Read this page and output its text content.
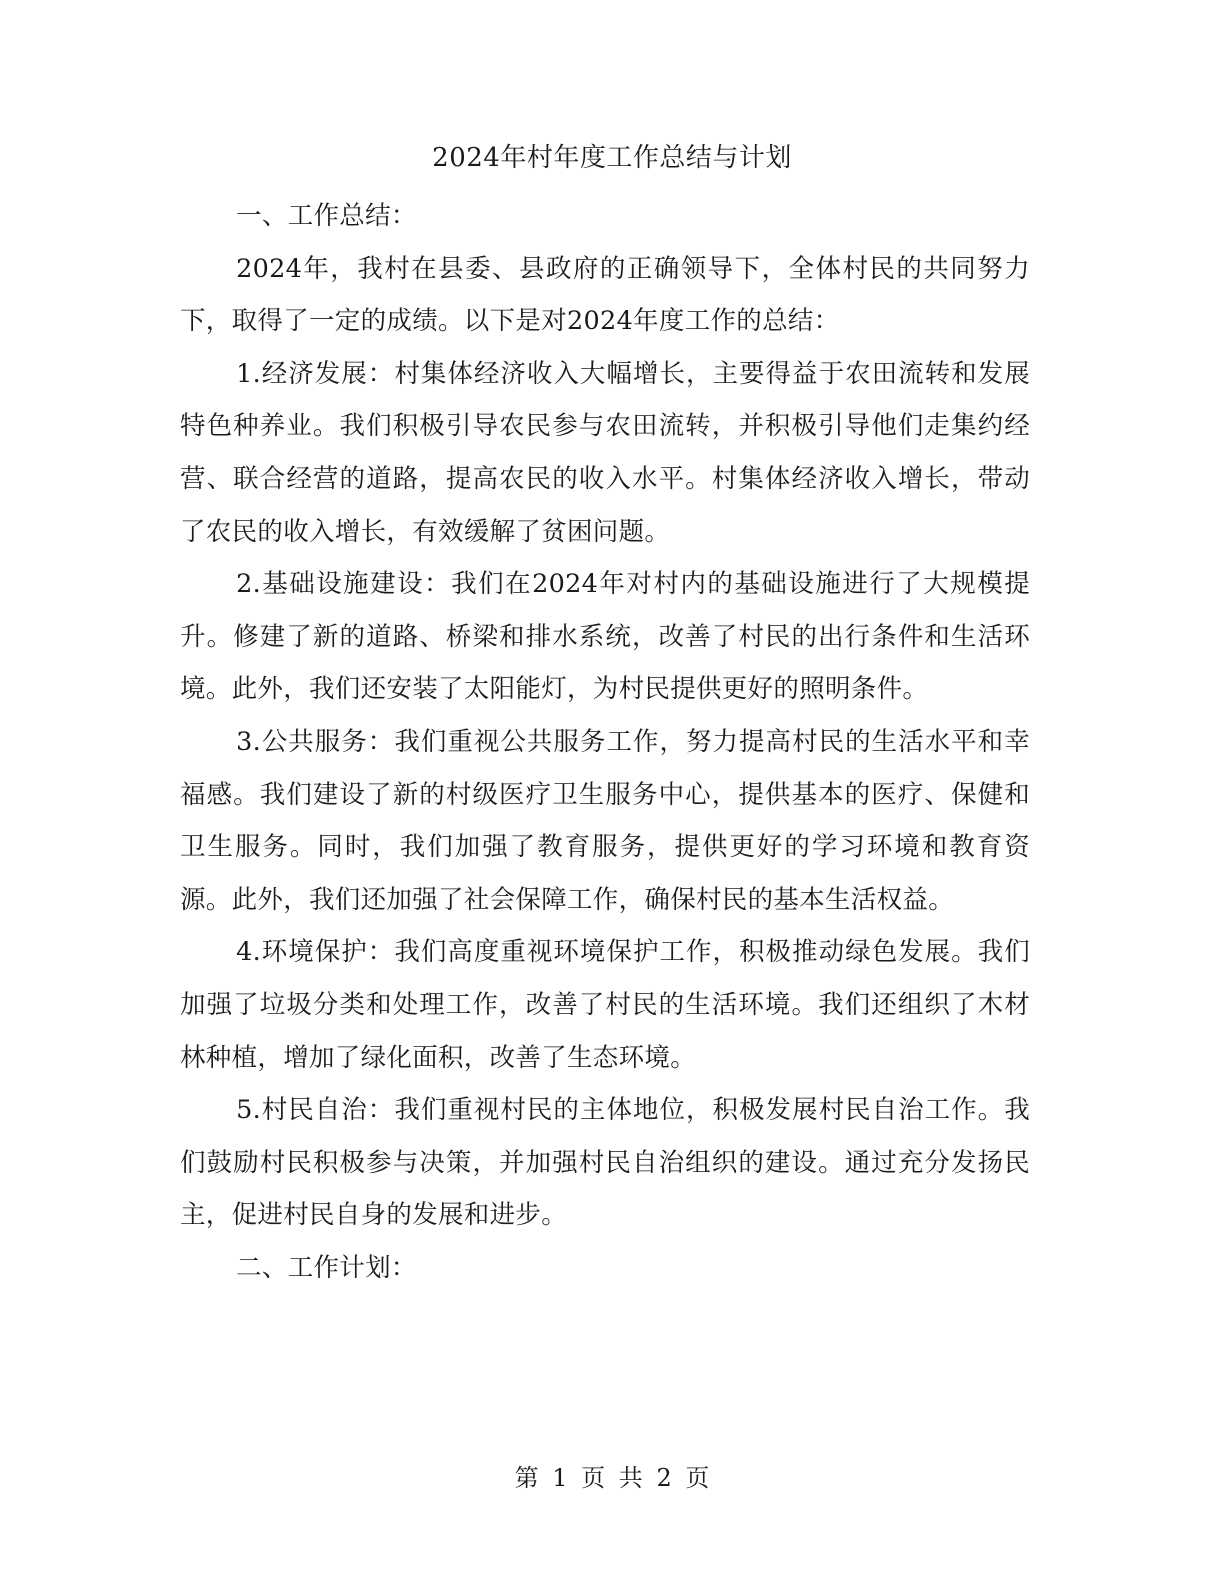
2024年村年度工作总结与计划

一、工作总结：

2024年，我村在县委、县政府的正确领导下，全体村民的共同努力下，取得了一定的成绩。以下是对2024年度工作的总结：

1.经济发展：村集体经济收入大幅增长，主要得益于农田流转和发展特色种养业。我们积极引导农民参与农田流转，并积极引导他们走集约经营、联合经营的道路，提高农民的收入水平。村集体经济收入增长，带动了农民的收入增长，有效缓解了贫困问题。

2.基础设施建设：我们在2024年对村内的基础设施进行了大规模提升。修建了新的道路、桥梁和排水系统，改善了村民的出行条件和生活环境。此外，我们还安装了太阳能灯，为村民提供更好的照明条件。

3.公共服务：我们重视公共服务工作，努力提高村民的生活水平和幸福感。我们建设了新的村级医疗卫生服务中心，提供基本的医疗、保健和卫生服务。同时，我们加强了教育服务，提供更好的学习环境和教育资源。此外，我们还加强了社会保障工作，确保村民的基本生活权益。

4.环境保护：我们高度重视环境保护工作，积极推动绿色发展。我们加强了垃圾分类和处理工作，改善了村民的生活环境。我们还组织了木材林种植，增加了绿化面积，改善了生态环境。

5.村民自治：我们重视村民的主体地位，积极发展村民自治工作。我们鼓励村民积极参与决策，并加强村民自治组织的建设。通过充分发扬民主，促进村民自身的发展和进步。

二、工作计划：

第 1 页 共 2 页
